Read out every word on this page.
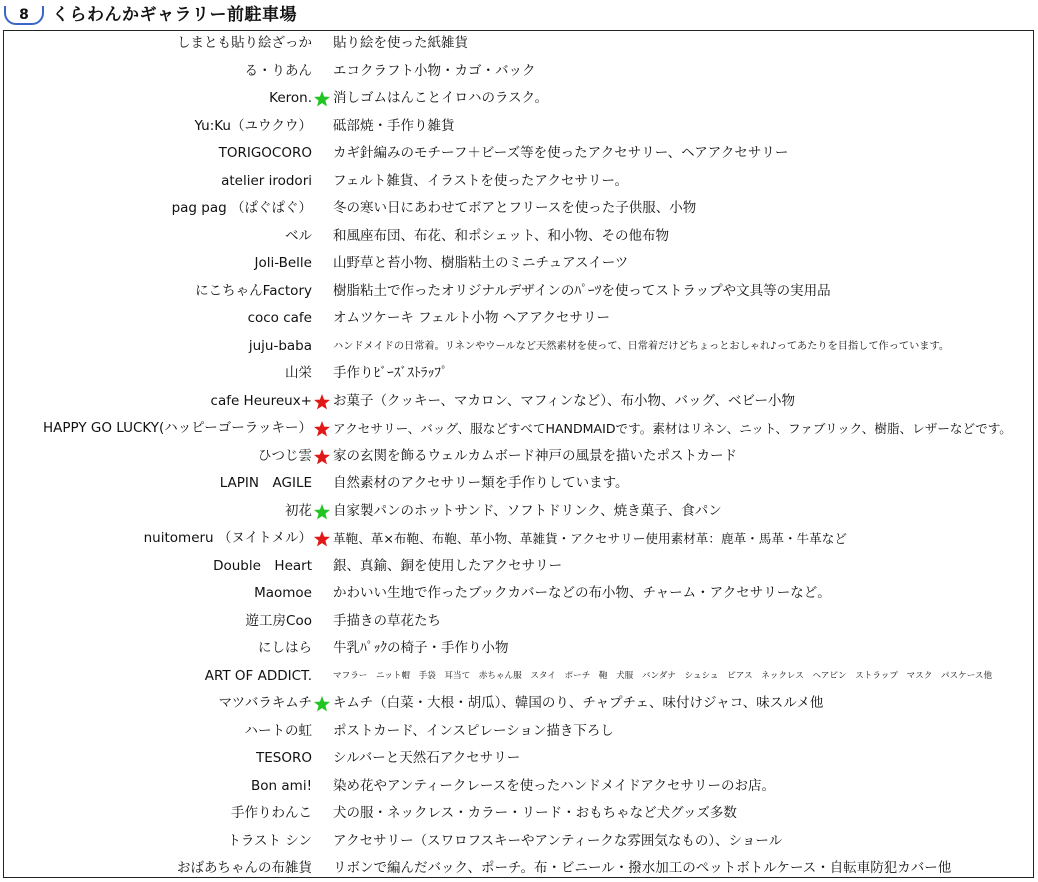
8	くらわんかギャラリー前駐車場
しまとも貼り絵ざっか 貼り絵を使った紙雑貨
る・りあん エコクラフト小物・カゴ・バック
Keron. 消しゴムはんことイロハのラスク。
Yu:Ku（ユウクウ） 砥部焼・手作り雑貨
TORIGOCORO カギ針編みのモチーフ＋ビーズ等を使ったアクセサリー、ヘアアクセサリー
atelier irodori フェルト雑貨、イラストを使ったアクセサリー。
pag pag （ぱぐぱぐ） 冬の寒い日にあわせてボアとフリースを使った子供服、小物
ベル 和風座布団、布花、和ポシェット、和小物、その他布物
Joli-Belle 山野草と苔小物、樹脂粘土のミニチュアスイーツ
にこちゃんFactory 樹脂粘土で作ったオリジナルデザインのﾊﾟｰﾂを使ってストラップや文具等の実用品
coco cafe オムツケーキ フェルト小物 ヘアアクセサリー
juju-baba ハンドメイドの日常着。リネンやウールなど天然素材を使って、日常着だけどちょっとおしゃれ♪ってあたりを目指して作っています。
山栄 手作りﾋﾞｰｽﾞｽﾄﾗｯﾌﾟ
cafe Heureux+ お菓子（クッキー、マカロン、マフィンなど）、布小物、バッグ、ベビー小物
HAPPY GO LUCKY(ハッピーゴーラッキー） アクセサリー、バッグ、服などすべてHANDMAIDです。素材はリネン、ニット、ファブリック、樹脂、レザーなどです。
ひつじ雲 家の玄関を飾るウェルカムボード神戸の風景を描いたポストカード
LAPIN　AGILE 自然素材のアクセサリー類を手作りしています。
初花 自家製パンのホットサンド、ソフトドリンク、焼き菓子、食パン
nuitomeru （ヌイトメル） 革鞄、革×布鞄、布鞄、革小物、革雑貨・アクセサリー使用素材革：鹿革・馬革・牛革など
Double　Heart 銀、真鍮、銅を使用したアクセサリー
Maomoe かわいい生地で作ったブックカバーなどの布小物、チャーム・アクセサリーなど。
遊工房Coo 手描きの草花たち
にしはら 牛乳ﾊﾟｯｸの椅子・手作り小物
ART OF ADDICT. マフラー　ニット帽　手袋　耳当て　赤ちゃん服　スタイ　ポーチ　鞄　犬服　バンダナ　シュシュ　ピアス　ネックレス　ヘアピン　ストラップ　マスク　パスケース他
マツバラキムチ キムチ（白菜・大根・胡瓜）、韓国のり、チャプチェ、味付けジャコ、味スルメ他
ハートの虹 ポストカード、インスピレーション描き下ろし
TESORO シルバーと天然石アクセサリー
Bon ami! 染め花やアンティークレースを使ったハンドメイドアクセサリーのお店。
手作りわんこ 犬の服・ネックレス・カラー・リード・おもちゃなど犬グッズ多数
トラスト シン アクセサリー（スワロフスキーやアンティークな雰囲気なもの）、ショール
おばあちゃんの布雑貨 リボンで編んだバック、ポーチ。布・ビニール・撥水加工のペットボトルケース・自転車防犯カバー他
